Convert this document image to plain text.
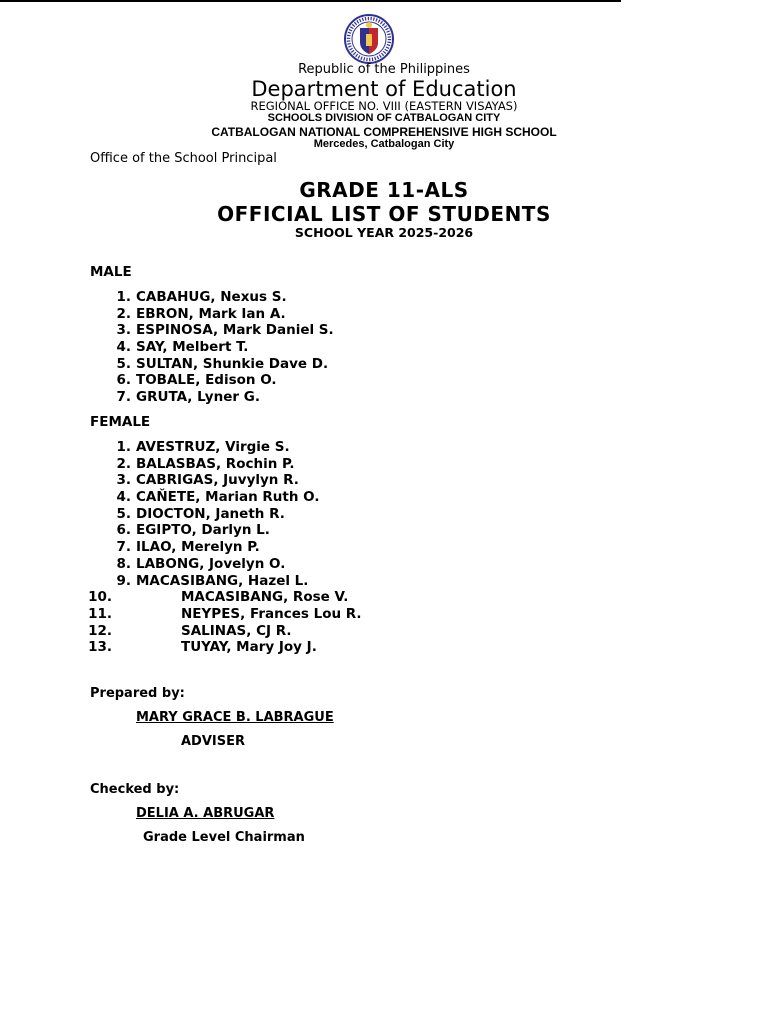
Republic of the Philippines
Department of Education
REGIONAL OFFICE NO. VIII (EASTERN VISAYAS)
SCHOOLS DIVISION OF CATBALOGAN CITY
CATBALOGAN NATIONAL COMPREHENSIVE HIGH SCHOOL
Mercedes, Catbalogan City
Office of the School Principal
GRADE 11-ALS
OFFICIAL LIST OF STUDENTS
SCHOOL YEAR 2025-2026
MALE
1. CABAHUG, Nexus S.
2. EBRON, Mark Ian A.
3. ESPINOSA, Mark Daniel S.
4. SAY, Melbert T.
5. SULTAN, Shunkie Dave D.
6. TOBALE, Edison O.
7. GRUTA, Lyner G.
FEMALE
1. AVESTRUZ, Virgie S.
2. BALASBAS, Rochin P.
3. CABRIGAS, Juvylyn R.
4. CAŇETE, Marian Ruth O.
5. DIOCTON, Janeth R.
6. EGIPTO, Darlyn L.
7. ILAO, Merelyn P.
8. LABONG, Jovelyn O.
9. MACASIBANG, Hazel L.
10.	MACASIBANG, Rose V.
11.	NEYPES, Frances Lou R.
12.	SALINAS, CJ R.
13.	TUYAY, Mary Joy J.
Prepared by:
MARY GRACE B. LABRAGUE
ADVISER
Checked by:
DELIA A. ABRUGAR
Grade Level Chairman
